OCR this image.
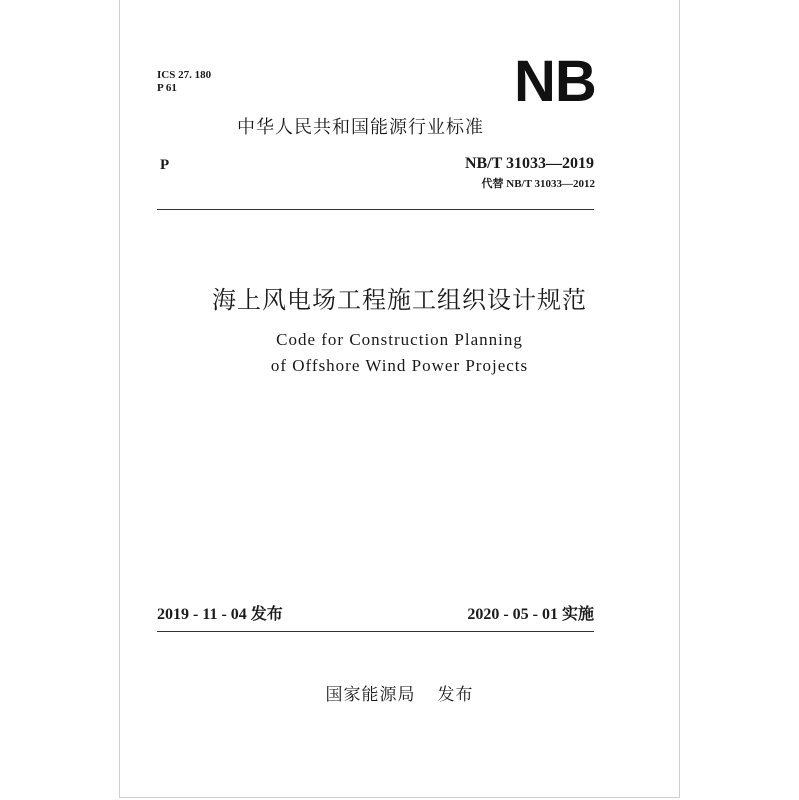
ICS 27. 180
P 61	NB
中华人民共和国能源行业标准
P	NB/T 31033—2019
代替 NB/T 31033—2012
海上风电场工程施工组织设计规范
Code for Construction Planning
of Offshore Wind Power Projects
2019 - 11 - 04 发布	2020 - 05 - 01 实施
国家能源局 发布
